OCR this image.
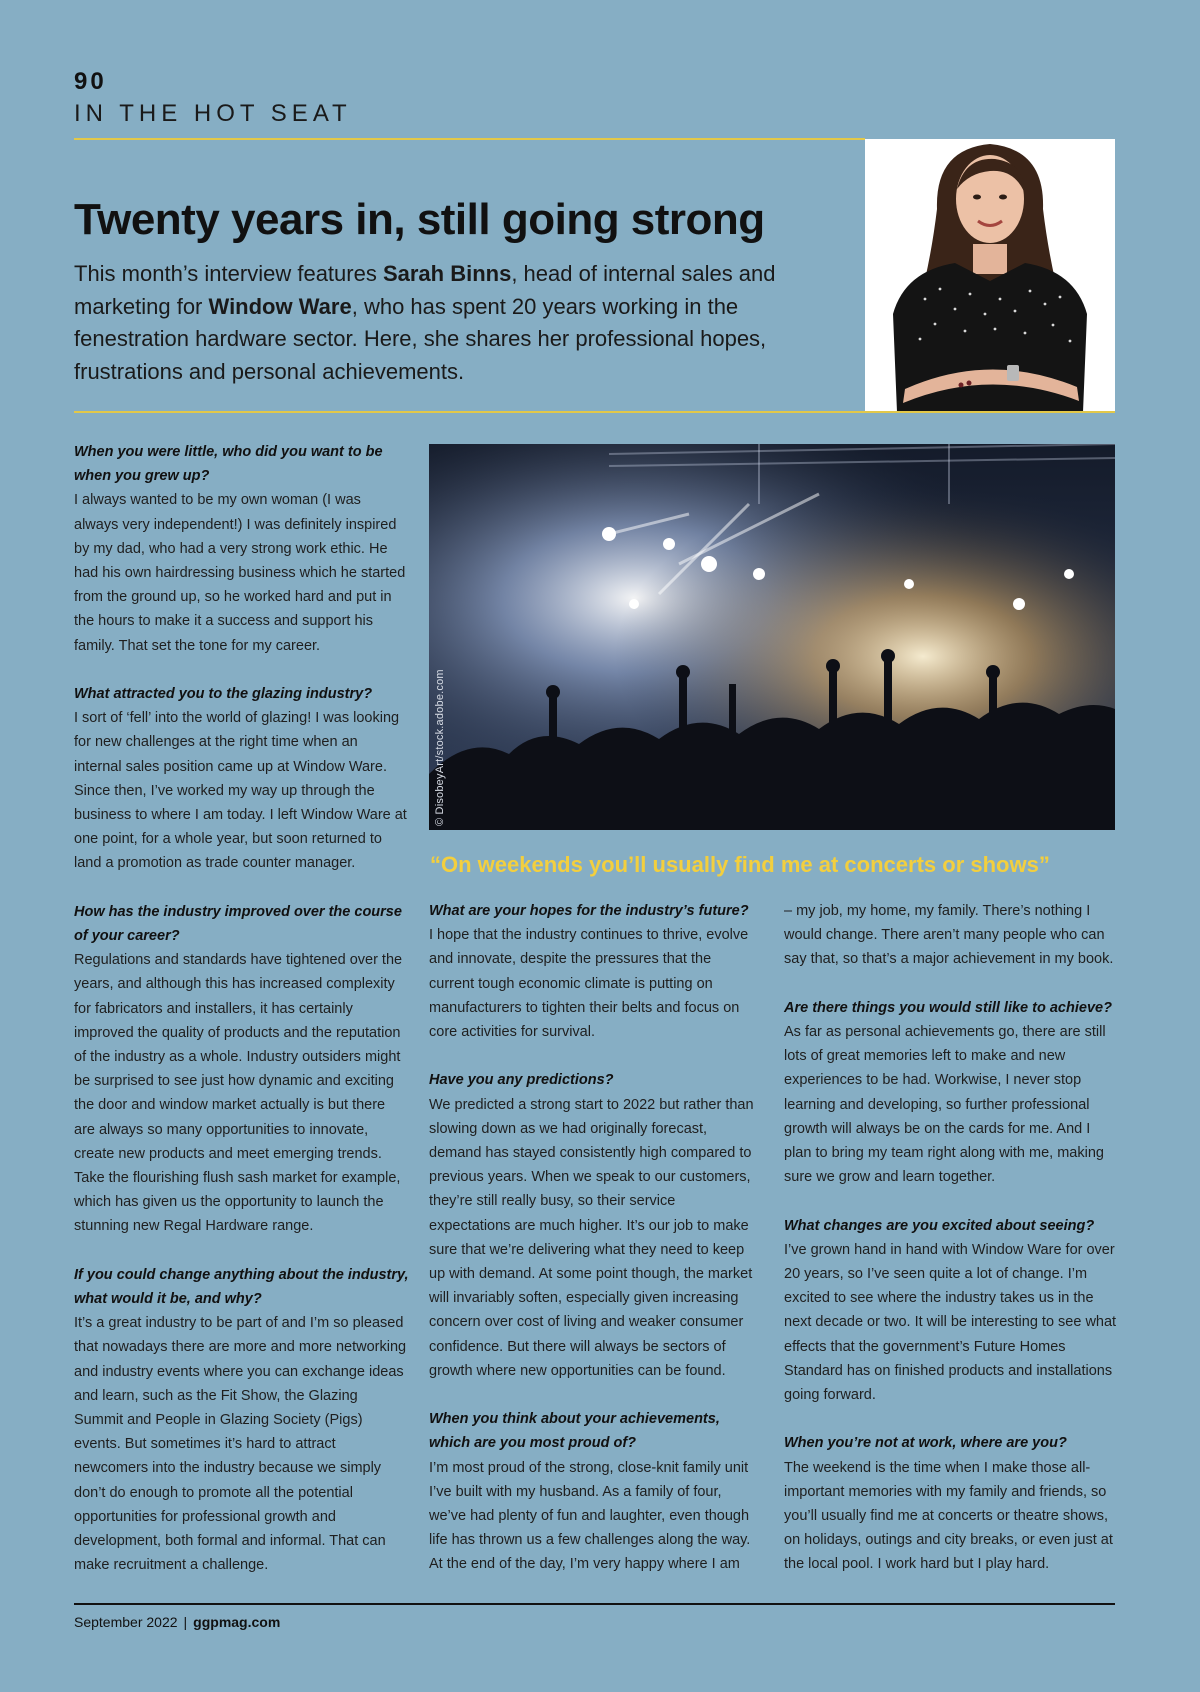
90
IN THE HOT SEAT
Twenty years in, still going strong

This month’s interview features Sarah Binns, head of internal sales and marketing for Window Ware, who has spent 20 years working in the fenestration hardware sector. Here, she shares her professional hopes, frustrations and personal achievements.

© DisobeyArt/stock.adobe.com

“On weekends you’ll usually find me at concerts or shows”

When you were little, who did you want to be when you grew up?

I always wanted to be my own woman (I was always very independent!) I was definitely inspired by my dad, who had a very strong work ethic. He had his own hairdressing business which he started from the ground up, so he worked hard and put in the hours to make it a success and support his family. That set the tone for my career.

What attracted you to the glazing industry?

I sort of ‘fell’ into the world of glazing! I was looking for new challenges at the right time when an internal sales position came up at Window Ware. Since then, I’ve worked my way up through the business to where I am today. I left Window Ware at one point, for a whole year, but soon returned to land a promotion as trade counter manager.

How has the industry improved over the course of your career?

Regulations and standards have tightened over the years, and although this has increased complexity for fabricators and installers, it has certainly improved the quality of products and the reputation of the industry as a whole. Industry outsiders might be surprised to see just how dynamic and exciting the door and window market actually is but there are always so many opportunities to innovate, create new products and meet emerging trends. Take the flourishing flush sash market for example, which has given us the opportunity to launch the stunning new Regal Hardware range.

If you could change anything about the industry, what would it be, and why?

It’s a great industry to be part of and I’m so pleased that nowadays there are more and more networking and industry events where you can exchange ideas and learn, such as the Fit Show, the Glazing Summit and People in Glazing Society (Pigs) events. But sometimes it’s hard to attract newcomers into the industry because we simply don’t do enough to promote all the potential opportunities for professional growth and development, both formal and informal. That can make recruitment a challenge.

What are your hopes for the industry’s future?

I hope that the industry continues to thrive, evolve and innovate, despite the pressures that the current tough economic climate is putting on manufacturers to tighten their belts and focus on core activities for survival.

Have you any predictions?

We predicted a strong start to 2022 but rather than slowing down as we had originally forecast, demand has stayed consistently high compared to previous years. When we speak to our customers, they’re still really busy, so their service expectations are much higher. It’s our job to make sure that we’re delivering what they need to keep up with demand. At some point though, the market will invariably soften, especially given increasing concern over cost of living and weaker consumer confidence. But there will always be sectors of growth where new opportunities can be found.

When you think about your achievements, which are you most proud of?

I’m most proud of the strong, close-knit family unit I’ve built with my husband. As a family of four, we’ve had plenty of fun and laughter, even though life has thrown us a few challenges along the way. At the end of the day, I’m very happy where I am

– my job, my home, my family. There’s nothing I would change. There aren’t many people who can say that, so that’s a major achievement in my book.

Are there things you would still like to achieve?

As far as personal achievements go, there are still lots of great memories left to make and new experiences to be had. Workwise, I never stop learning and developing, so further professional growth will always be on the cards for me. And I plan to bring my team right along with me, making sure we grow and learn together.

What changes are you excited about seeing?

I’ve grown hand in hand with Window Ware for over 20 years, so I’ve seen quite a lot of change. I’m excited to see where the industry takes us in the next decade or two. It will be interesting to see what effects that the government’s Future Homes Standard has on finished products and installations going forward.

When you’re not at work, where are you?

The weekend is the time when I make those all-important memories with my family and friends, so you’ll usually find me at concerts or theatre shows, on holidays, outings and city breaks, or even just at the local pool. I work hard but I play hard.

September 2022 | ggpmag.com
